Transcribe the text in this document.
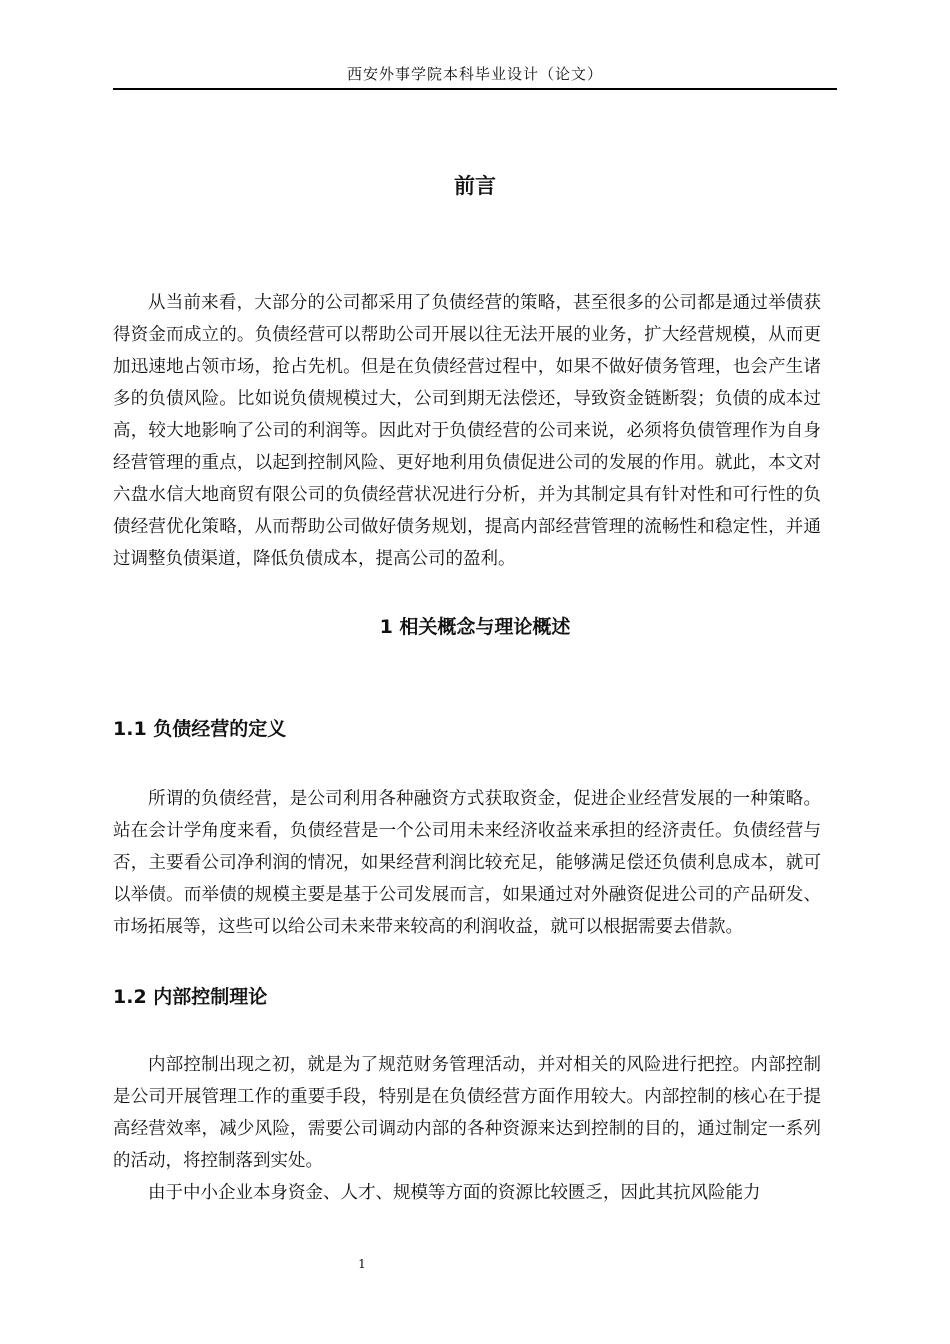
西安外事学院本科毕业设计（论文）
前言

从当前来看，大部分的公司都采用了负债经营的策略，甚至很多的公司都是通过举债获得资金而成立的。负债经营可以帮助公司开展以往无法开展的业务，扩大经营规模，从而更加迅速地占领市场，抢占先机。但是在负债经营过程中，如果不做好债务管理，也会产生诸多的负债风险。比如说负债规模过大，公司到期无法偿还，导致资金链断裂；负债的成本过高，较大地影响了公司的利润等。因此对于负债经营的公司来说，必须将负债管理作为自身经营管理的重点，以起到控制风险、更好地利用负债促进公司的发展的作用。就此，本文对六盘水信大地商贸有限公司的负债经营状况进行分析，并为其制定具有针对性和可行性的负债经营优化策略，从而帮助公司做好债务规划，提高内部经营管理的流畅性和稳定性，并通过调整负债渠道，降低负债成本，提高公司的盈利。

1 相关概念与理论概述
1.1 负债经营的定义

所谓的负债经营，是公司利用各种融资方式获取资金，促进企业经营发展的一种策略。站在会计学角度来看，负债经营是一个公司用未来经济收益来承担的经济责任。负债经营与否，主要看公司净利润的情况，如果经营利润比较充足，能够满足偿还负债利息成本，就可以举债。而举债的规模主要是基于公司发展而言，如果通过对外融资促进公司的产品研发、市场拓展等，这些可以给公司未来带来较高的利润收益，就可以根据需要去借款。

1.2 内部控制理论

内部控制出现之初，就是为了规范财务管理活动，并对相关的风险进行把控。内部控制是公司开展管理工作的重要手段，特别是在负债经营方面作用较大。内部控制的核心在于提高经营效率，减少风险，需要公司调动内部的各种资源来达到控制的目的，通过制定一系列的活动，将控制落到实处。

由于中小企业本身资金、人才、规模等方面的资源比较匮乏，因此其抗风险能力

1
